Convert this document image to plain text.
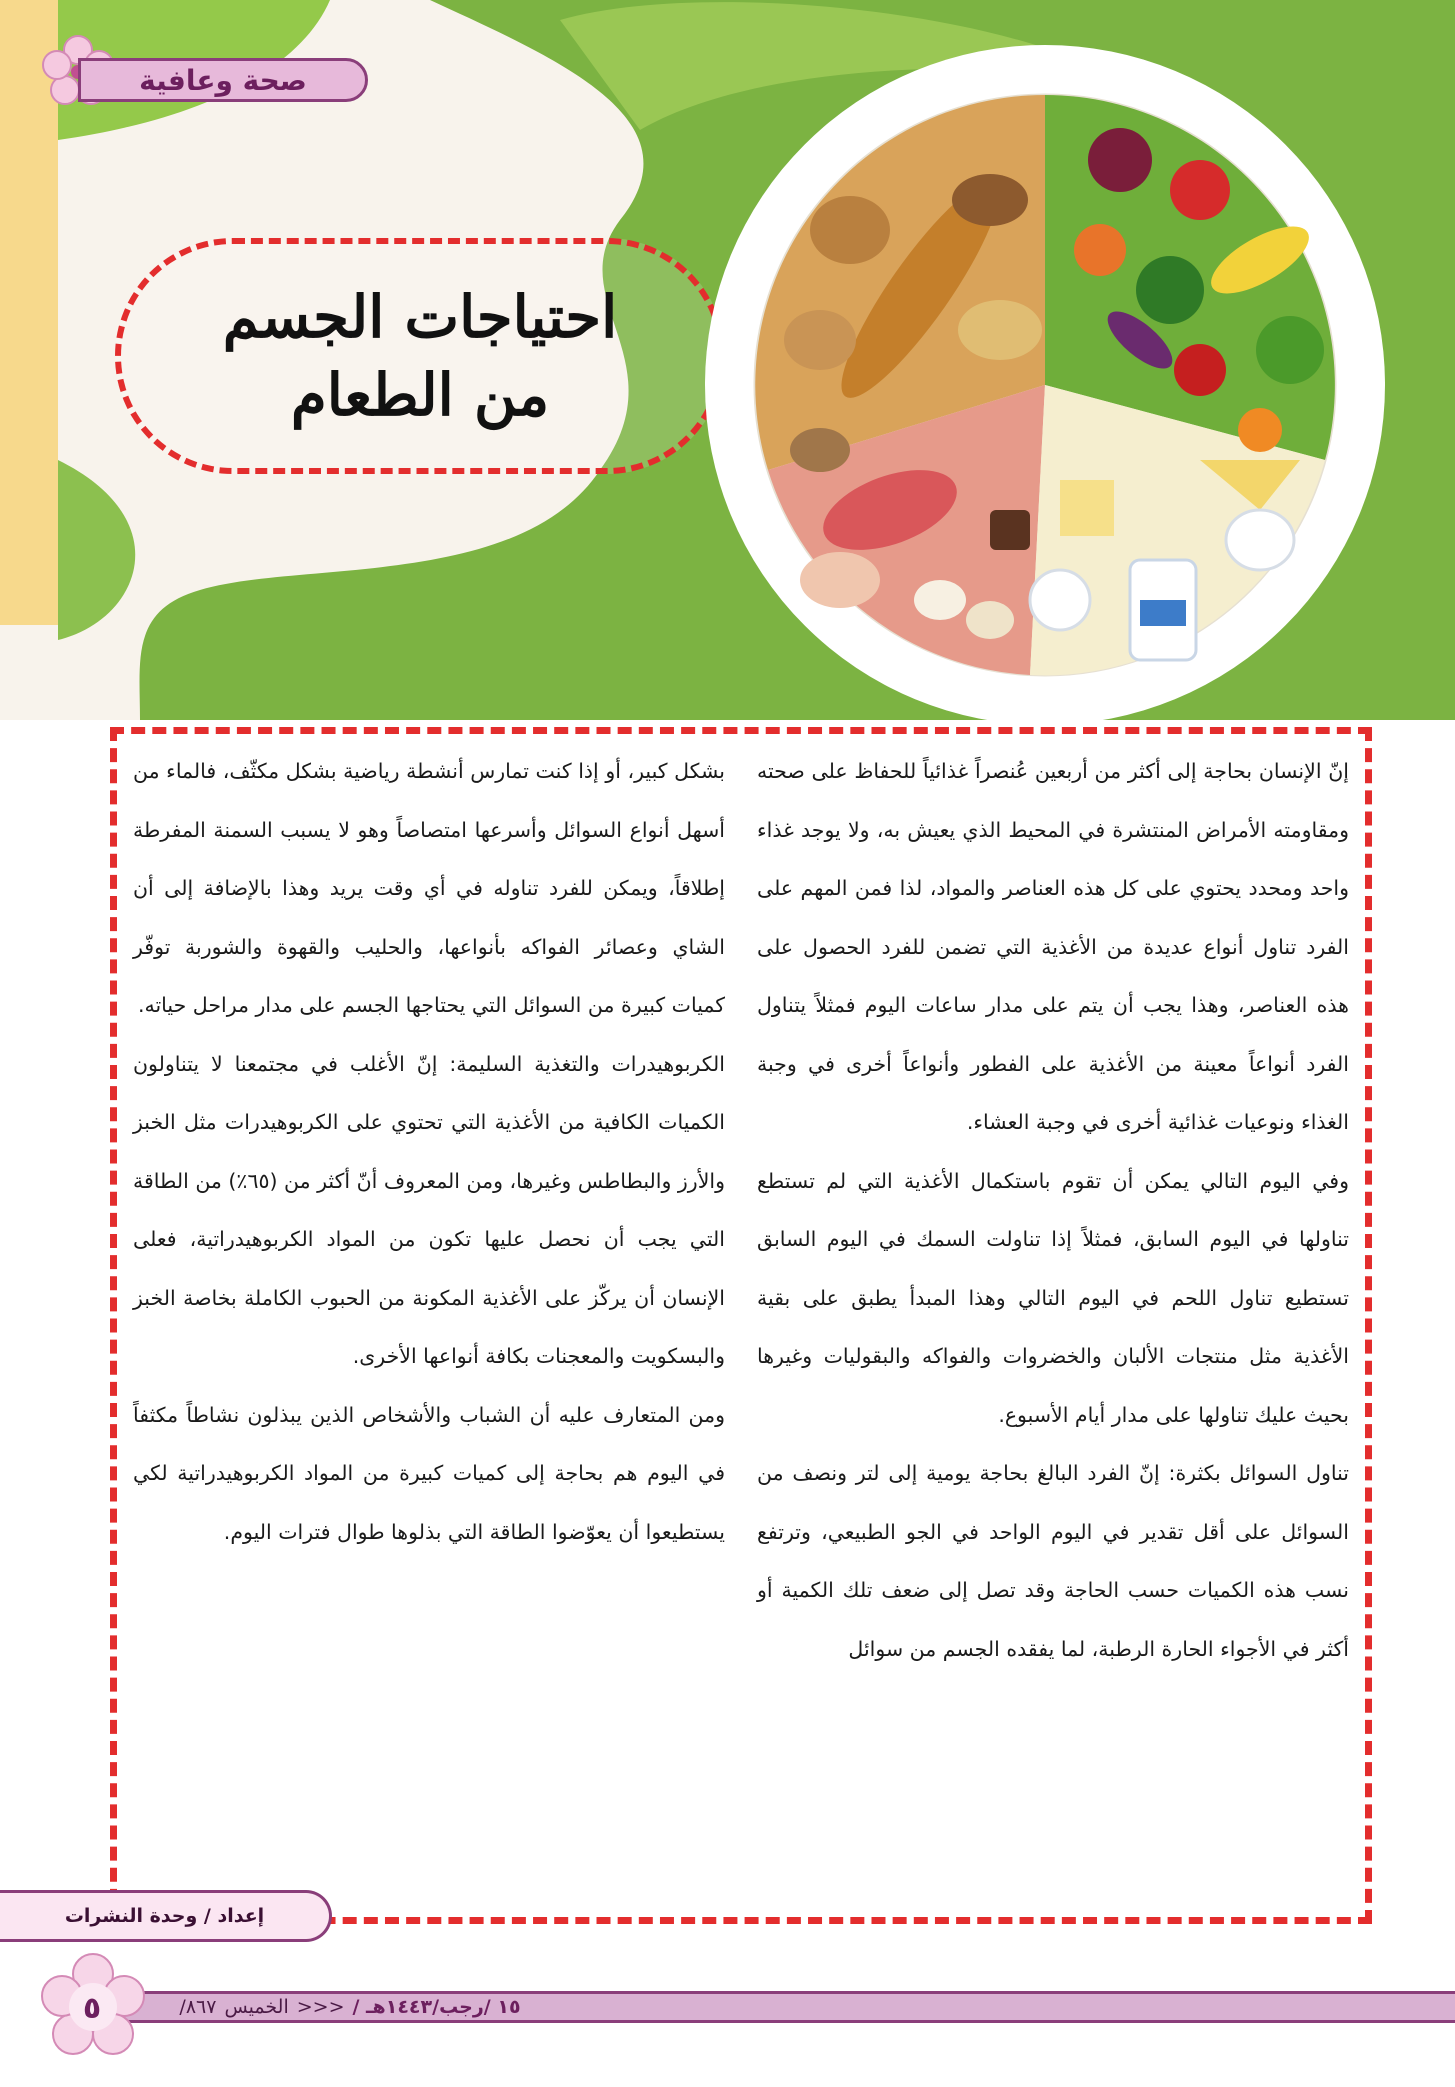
صحة وعافية
احتياجات الجسم
من الطعام

إنّ الإنسان بحاجة إلى أكثر من أربعين عُنصراً غذائياً للحفاظ على صحته ومقاومته الأمراض المنتشرة في المحيط الذي يعيش به، ولا يوجد غذاء واحد ومحدد يحتوي على كل هذه العناصر والمواد، لذا فمن المهم على الفرد تناول أنواع عديدة من الأغذية التي تضمن للفرد الحصول على هذه العناصر، وهذا يجب أن يتم على مدار ساعات اليوم فمثلاً يتناول الفرد أنواعاً معينة من الأغذية على الفطور وأنواعاً أخرى في وجبة الغذاء ونوعيات غذائية أخرى في وجبة العشاء.

وفي اليوم التالي يمكن أن تقوم باستكمال الأغذية التي لم تستطع تناولها في اليوم السابق، فمثلاً إذا تناولت السمك في اليوم السابق تستطيع تناول اللحم في اليوم التالي وهذا المبدأ يطبق على بقية الأغذية مثل منتجات الألبان والخضروات والفواكه والبقوليات وغيرها بحيث عليك تناولها على مدار أيام الأسبوع.

تناول السوائل بكثرة: إنّ الفرد البالغ بحاجة يومية إلى لتر ونصف من السوائل على أقل تقدير في اليوم الواحد في الجو الطبيعي، وترتفع نسب هذه الكميات حسب الحاجة وقد تصل إلى ضعف تلك الكمية أو أكثر في الأجواء الحارة الرطبة، لما يفقده الجسم من سوائل

بشكل كبير، أو إذا كنت تمارس أنشطة رياضية بشكل مكثّف، فالماء من أسهل أنواع السوائل وأسرعها امتصاصاً وهو لا يسبب السمنة المفرطة إطلاقاً، ويمكن للفرد تناوله في أي وقت يريد وهذا بالإضافة إلى أن الشاي وعصائر الفواكه بأنواعها، والحليب والقهوة والشوربة توفّر كميات كبيرة من السوائل التي يحتاجها الجسم على مدار مراحل حياته.

الكربوهيدرات والتغذية السليمة: إنّ الأغلب في مجتمعنا لا يتناولون الكميات الكافية من الأغذية التي تحتوي على الكربوهيدرات مثل الخبز والأرز والبطاطس وغيرها، ومن المعروف أنّ أكثر من (٦٥٪) من الطاقة التي يجب أن نحصل عليها تكون من المواد الكربوهيدراتية، فعلى الإنسان أن يركّز على الأغذية المكونة من الحبوب الكاملة بخاصة الخبز والبسكويت والمعجنات بكافة أنواعها الأخرى.

ومن المتعارف عليه أن الشباب والأشخاص الذين يبذلون نشاطاً مكثفاً في اليوم هم بحاجة إلى كميات كبيرة من المواد الكربوهيدراتية لكي يستطيعوا أن يعوّضوا الطاقة التي بذلوها طوال فترات اليوم.

إعداد / وحدة النشرات
١٥ /رجب/١٤٤٣هـ /
<<<
الخميس
٨٦٧/
٥
